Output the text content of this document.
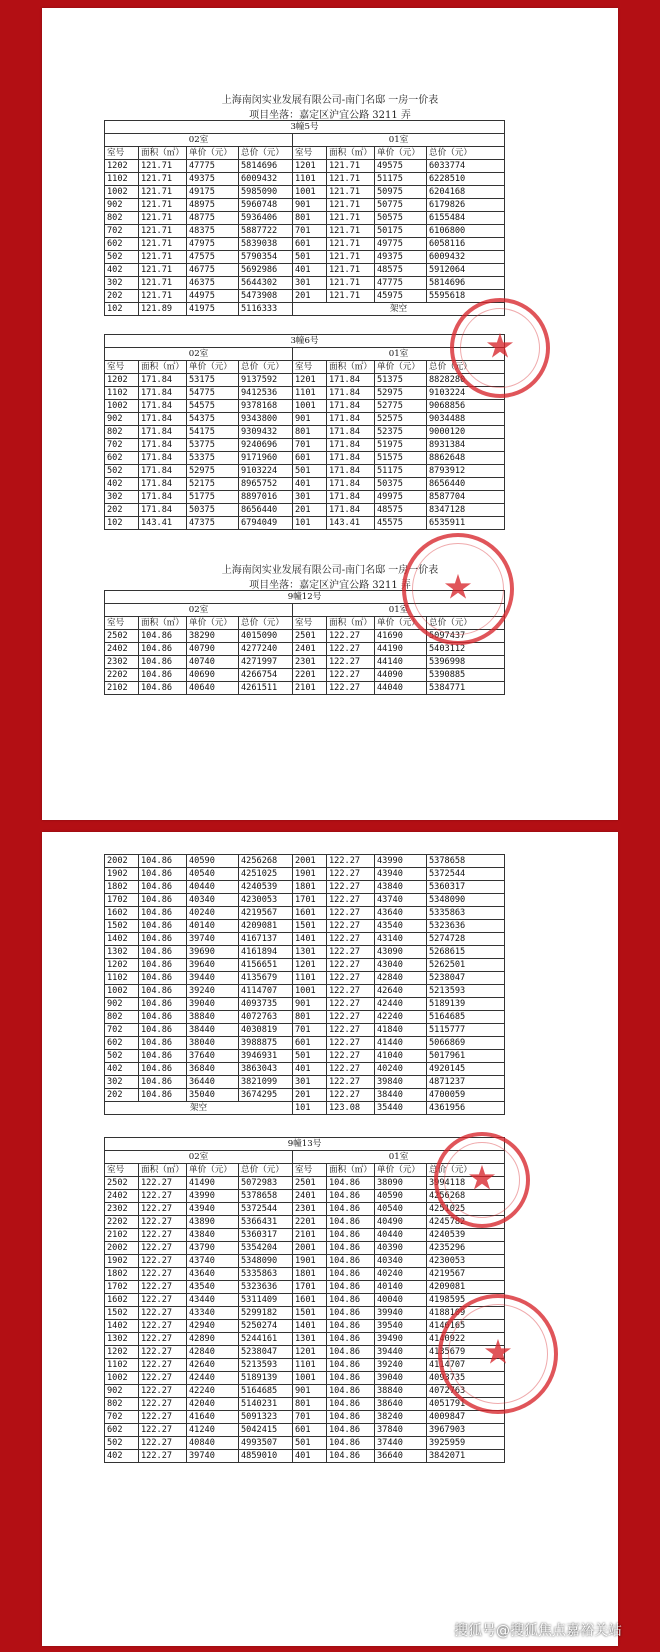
上海南闵实业发展有限公司-南门名邸 一房一价表
项目坐落：嘉定区沪宜公路 3211 弄
3幢5号							
02室				01室			
室号	面积（㎡）	单价（元）	总价（元）	室号	面积（㎡）	单价（元）	总价（元）
1202	121.71	47775	5814696	1201	121.71	49575	6033774
1102	121.71	49375	6009432	1101	121.71	51175	6228510
1002	121.71	49175	5985090	1001	121.71	50975	6204168
902	121.71	48975	5960748	901	121.71	50775	6179826
802	121.71	48775	5936406	801	121.71	50575	6155484
702	121.71	48375	5887722	701	121.71	50175	6106800
602	121.71	47975	5839038	601	121.71	49775	6058116
502	121.71	47575	5790354	501	121.71	49375	6009432
402	121.71	46775	5692986	401	121.71	48575	5912064
302	121.71	46375	5644302	301	121.71	47775	5814696
202	121.71	44975	5473908	201	121.71	45975	5595618
102	121.89	41975	5116333	架空			
3幢6号							
02室				01室			
室号	面积（㎡）	单价（元）	总价（元）	室号	面积（㎡）	单价（元）	总价（元）
1202	171.84	53175	9137592	1201	171.84	51375	8828280
1102	171.84	54775	9412536	1101	171.84	52975	9103224
1002	171.84	54575	9378168	1001	171.84	52775	9068856
902	171.84	54375	9343800	901	171.84	52575	9034488
802	171.84	54175	9309432	801	171.84	52375	9000120
702	171.84	53775	9240696	701	171.84	51975	8931384
602	171.84	53375	9171960	601	171.84	51575	8862648
502	171.84	52975	9103224	501	171.84	51175	8793912
402	171.84	52175	8965752	401	171.84	50375	8656440
302	171.84	51775	8897016	301	171.84	49975	8587704
202	171.84	50375	8656440	201	171.84	48575	8347128
102	143.41	47375	6794049	101	143.41	45575	6535911
上海南闵实业发展有限公司-南门名邸 一房一价表
项目坐落：嘉定区沪宜公路 3211 弄
9幢12号							
02室				01室			
室号	面积（㎡）	单价（元）	总价（元）	室号	面积（㎡）	单价（元）	总价（元）
2502	104.86	38290	4015090	2501	122.27	41690	5097437
2402	104.86	40790	4277240	2401	122.27	44190	5403112
2302	104.86	40740	4271997	2301	122.27	44140	5396998
2202	104.86	40690	4266754	2201	122.27	44090	5390885
2102	104.86	40640	4261511	2101	122.27	44040	5384771
★
★
2002	104.86	40590	4256268	2001	122.27	43990	5378658
1902	104.86	40540	4251025	1901	122.27	43940	5372544
1802	104.86	40440	4240539	1801	122.27	43840	5360317
1702	104.86	40340	4230053	1701	122.27	43740	5348090
1602	104.86	40240	4219567	1601	122.27	43640	5335863
1502	104.86	40140	4209081	1501	122.27	43540	5323636
1402	104.86	39740	4167137	1401	122.27	43140	5274728
1302	104.86	39690	4161894	1301	122.27	43090	5268615
1202	104.86	39640	4156651	1201	122.27	43040	5262501
1102	104.86	39440	4135679	1101	122.27	42840	5238047
1002	104.86	39240	4114707	1001	122.27	42640	5213593
902	104.86	39040	4093735	901	122.27	42440	5189139
802	104.86	38840	4072763	801	122.27	42240	5164685
702	104.86	38440	4030819	701	122.27	41840	5115777
602	104.86	38040	3988875	601	122.27	41440	5066869
502	104.86	37640	3946931	501	122.27	41040	5017961
402	104.86	36840	3863043	401	122.27	40240	4920145
302	104.86	36440	3821099	301	122.27	39840	4871237
202	104.86	35040	3674295	201	122.27	38440	4700059
架空				101	123.08	35440	4361956
9幢13号							
02室				01室			
室号	面积（㎡）	单价（元）	总价（元）	室号	面积（㎡）	单价（元）	总价（元）
2502	122.27	41490	5072983	2501	104.86	38090	3994118
2402	122.27	43990	5378658	2401	104.86	40590	4256268
2302	122.27	43940	5372544	2301	104.86	40540	4251025
2202	122.27	43890	5366431	2201	104.86	40490	4245782
2102	122.27	43840	5360317	2101	104.86	40440	4240539
2002	122.27	43790	5354204	2001	104.86	40390	4235296
1902	122.27	43740	5348090	1901	104.86	40340	4230053
1802	122.27	43640	5335863	1801	104.86	40240	4219567
1702	122.27	43540	5323636	1701	104.86	40140	4209081
1602	122.27	43440	5311409	1601	104.86	40040	4198595
1502	122.27	43340	5299182	1501	104.86	39940	4188109
1402	122.27	42940	5250274	1401	104.86	39540	4146165
1302	122.27	42890	5244161	1301	104.86	39490	4140922
1202	122.27	42840	5238047	1201	104.86	39440	4135679
1102	122.27	42640	5213593	1101	104.86	39240	4114707
1002	122.27	42440	5189139	1001	104.86	39040	4093735
902	122.27	42240	5164685	901	104.86	38840	4072763
802	122.27	42040	5140231	801	104.86	38640	4051791
702	122.27	41640	5091323	701	104.86	38240	4009847
602	122.27	41240	5042415	601	104.86	37840	3967903
502	122.27	40840	4993507	501	104.86	37440	3925959
402	122.27	39740	4859010	401	104.86	36640	3842071
★
★
搜狐号@搜狐焦点嘉裕关站
